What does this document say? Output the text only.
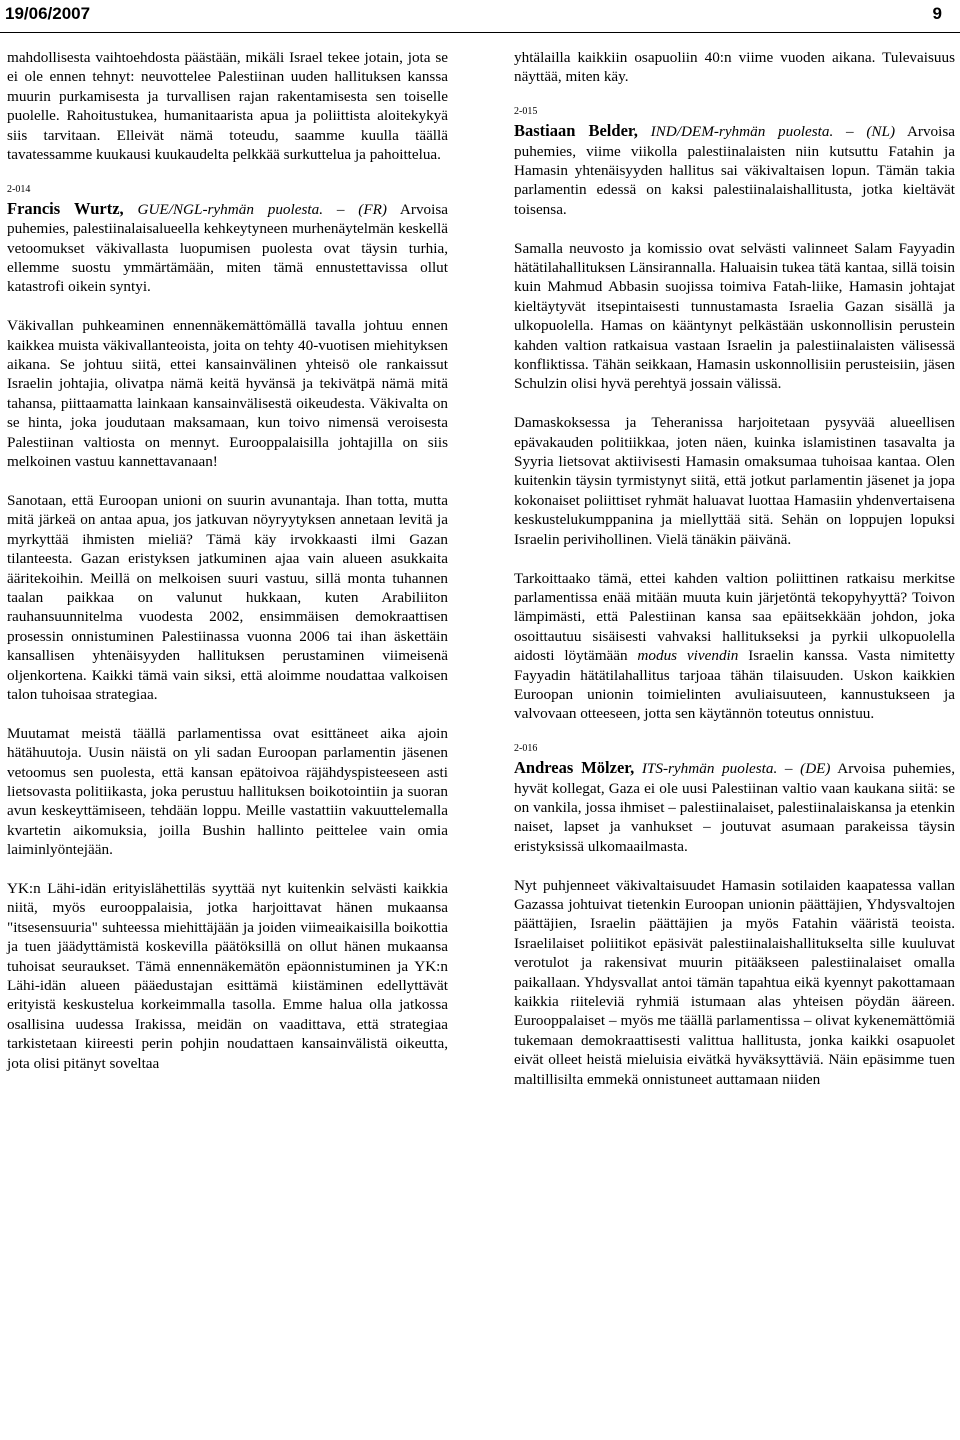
19/06/2007	9

mahdollisesta vaihtoehdosta päästään, mikäli Israel tekee jotain, jota se ei ole ennen tehnyt: neuvottelee Palestiinan uuden hallituksen kanssa muurin purkamisesta ja turvallisen rajan rakentamisesta sen toiselle puolelle. Rahoitustukea, humanitaarista apua ja poliittista aloitekykyä siis tarvitaan. Elleivät nämä toteudu, saamme kuulla täällä tavatessamme kuukausi kuukaudelta pelkkää surkuttelua ja pahoittelua.

2-014

Francis Wurtz, GUE/NGL-ryhmän puolesta. – (FR) Arvoisa puhemies, palestiinalaisalueella kehkeytyneen murhenäytelmän keskellä vetoomukset väkivallasta luopumisen puolesta ovat täysin turhia, ellemme suostu ymmärtämään, miten tämä ennustettavissa ollut katastrofi oikein syntyi.

Väkivallan puhkeaminen ennennäkemättömällä tavalla johtuu ennen kaikkea muista väkivallanteoista, joita on tehty 40-vuotisen miehityksen aikana. Se johtuu siitä, ettei kansainvälinen yhteisö ole rankaissut Israelin johtajia, olivatpa nämä keitä hyvänsä ja tekivätpä nämä mitä tahansa, piittaamatta lainkaan kansainvälisestä oikeudesta. Väkivalta on se hinta, joka joudutaan maksamaan, kun toivo nimensä veroisesta Palestiinan valtiosta on mennyt. Eurooppalaisilla johtajilla on siis melkoinen vastuu kannettavanaan!

Sanotaan, että Euroopan unioni on suurin avunantaja. Ihan totta, mutta mitä järkeä on antaa apua, jos jatkuvan nöyryytyksen annetaan levitä ja myrkyttää ihmisten mieliä? Tämä käy irvokkaasti ilmi Gazan tilanteesta. Gazan eristyksen jatkuminen ajaa vain alueen asukkaita ääritekoihin. Meillä on melkoisen suuri vastuu, sillä monta tuhannen taalan paikkaa on valunut hukkaan, kuten Arabiliiton rauhansuunnitelma vuodesta 2002, ensimmäisen demokraattisen prosessin onnistuminen Palestiinassa vuonna 2006 tai ihan äskettäin kansallisen yhtenäisyyden hallituksen perustaminen viimeisenä oljenkortena. Kaikki tämä vain siksi, että aloimme noudattaa valkoisen talon tuhoisaa strategiaa.

Muutamat meistä täällä parlamentissa ovat esittäneet aika ajoin hätähuutoja. Uusin näistä on yli sadan Euroopan parlamentin jäsenen vetoomus sen puolesta, että kansan epätoivoa räjähdyspisteeseen asti lietsovasta politiikasta, joka perustuu hallituksen boikotointiin ja suoran avun keskeyttämiseen, tehdään loppu. Meille vastattiin vakuuttelemalla kvartetin aikomuksia, joilla Bushin hallinto peittelee vain omia laiminlyöntejään.

YK:n Lähi-idän erityislähettiläs syyttää nyt kuitenkin selvästi kaikkia niitä, myös eurooppalaisia, jotka harjoittavat hänen mukaansa "itsesensuuria" suhteessa miehittäjään ja joiden viimeaikaisilla boikottia ja tuen jäädyttämistä koskevilla päätöksillä on ollut hänen mukaansa tuhoisat seuraukset. Tämä ennennäkemätön epäonnistuminen ja YK:n Lähi-idän alueen pääedustajan esittämä kiistäminen edellyttävät erityistä keskustelua korkeimmalla tasolla. Emme halua olla jatkossa osallisina uudessa Irakissa, meidän on vaadittava, että strategiaa tarkistetaan kiireesti perin pohjin noudattaen kansainvälistä oikeutta, jota olisi pitänyt soveltaa

yhtälailla kaikkiin osapuoliin 40:n viime vuoden aikana. Tulevaisuus näyttää, miten käy.

2-015

Bastiaan Belder, IND/DEM-ryhmän puolesta. – (NL) Arvoisa puhemies, viime viikolla palestiinalaisten niin kutsuttu Fatahin ja Hamasin yhtenäisyyden hallitus sai väkivaltaisen lopun. Tämän takia parlamentin edessä on kaksi palestiinalaishallitusta, jotka kieltävät toisensa.

Samalla neuvosto ja komissio ovat selvästi valinneet Salam Fayyadin hätätilahallituksen Länsirannalla. Haluaisin tukea tätä kantaa, sillä toisin kuin Mahmud Abbasin suojissa toimiva Fatah-liike, Hamasin johtajat kieltäytyvät itsepintaisesti tunnustamasta Israelia Gazan sisällä ja ulkopuolella. Hamas on kääntynyt pelkästään uskonnollisin perustein kahden valtion ratkaisua vastaan Israelin ja palestiinalaisten välisessä konfliktissa. Tähän seikkaan, Hamasin uskonnollisiin perusteisiin, jäsen Schulzin olisi hyvä perehtyä jossain välissä.

Damaskoksessa ja Teheranissa harjoitetaan pysyvää alueellisen epävakauden politiikkaa, joten näen, kuinka islamistinen tasavalta ja Syyria lietsovat aktiivisesti Hamasin omaksumaa tuhoisaa kantaa. Olen kuitenkin täysin tyrmistynyt siitä, että jotkut parlamentin jäsenet ja jopa kokonaiset poliittiset ryhmät haluavat luottaa Hamasiin yhdenvertaisena keskustelukumppanina ja miellyttää sitä. Sehän on loppujen lopuksi Israelin perivihollinen. Vielä tänäkin päivänä.

Tarkoittaako tämä, ettei kahden valtion poliittinen ratkaisu merkitse parlamentissa enää mitään muuta kuin järjetöntä tekopyhyyttä? Toivon lämpimästi, että Palestiinan kansa saa epäitsekkään johdon, joka osoittautuu sisäisesti vahvaksi hallitukseksi ja pyrkii ulkopuolella aidosti löytämään modus vivendin Israelin kanssa. Vasta nimitetty Fayyadin hätätilahallitus tarjoaa tähän tilaisuuden. Uskon kaikkien Euroopan unionin toimielinten avuliaisuuteen, kannustukseen ja valvovaan otteeseen, jotta sen käytännön toteutus onnistuu.

2-016

Andreas Mölzer, ITS-ryhmän puolesta. – (DE) Arvoisa puhemies, hyvät kollegat, Gaza ei ole uusi Palestiinan valtio vaan kaukana siitä: se on vankila, jossa ihmiset – palestiinalaiset, palestiinalaiskansa ja etenkin naiset, lapset ja vanhukset – joutuvat asumaan parakeissa täysin eristyksissä ulkomaailmasta.

Nyt puhjenneet väkivaltaisuudet Hamasin sotilaiden kaapatessa vallan Gazassa johtuivat tietenkin Euroopan unionin päättäjien, Yhdysvaltojen päättäjien, Israelin päättäjien ja myös Fatahin vääristä teoista. Israelilaiset poliitikot epäsivät palestiinalaishallitukselta sille kuuluvat verotulot ja rakensivat muurin pitääkseen palestiinalaiset omalla paikallaan. Yhdysvallat antoi tämän tapahtua eikä kyennyt pakottamaan kaikkia riiteleviä ryhmiä istumaan alas yhteisen pöydän ääreen. Eurooppalaiset – myös me täällä parlamentissa – olivat kykenemättömiä tukemaan demokraattisesti valittua hallitusta, jonka kaikki osapuolet eivät olleet heistä mieluisia eivätkä hyväksyttäviä. Näin epäsimme tuen maltillisilta emmekä onnistuneet auttamaan niiden
